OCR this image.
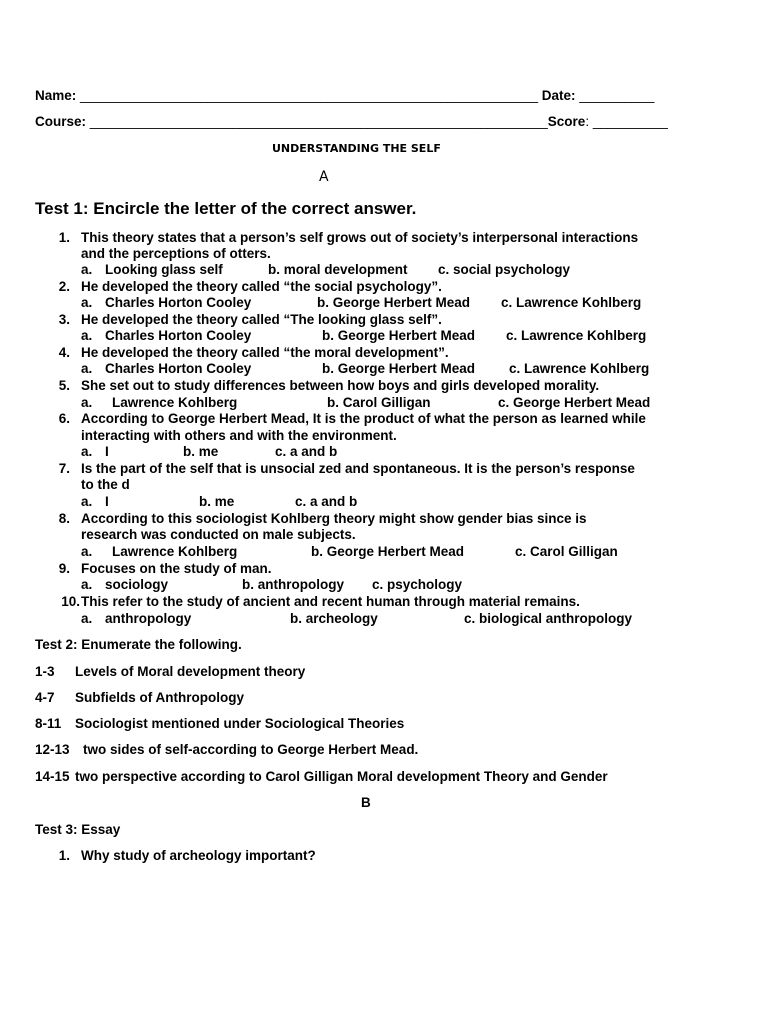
Name: _____________________________________________________________ Date: __________
Course: _____________________________________________________________Score: __________
UNDERSTANDING THE SELF
A
Test 1: Encircle the letter of the correct answer.
1. This theory states that a person’s self grows out of society’s interpersonal interactions
and the perceptions of otters.
a. Looking glass self	b. moral development c. social psychology
2. He developed the theory called “the social psychology”.
a. Charles Horton Cooley	b. George Herbert Mead c. Lawrence Kohlberg
3. He developed the theory called “The looking glass self”.
a. Charles Horton Cooley	b. George Herbert Mead c. Lawrence Kohlberg
4. He developed the theory called “the moral development”.
a. Charles Horton Cooley	b. George Herbert Mead	c. Lawrence Kohlberg
5. She set out to study differences between how boys and girls developed morality.
a. Lawrence Kohlberg	b. Carol Gilligan	c. George Herbert Mead
6. According to George Herbert Mead, It is the product of what the person as learned while
interacting with others and with the environment.
a. I	b. me	c. a and b
7. Is the part of the self that is unsocial zed and spontaneous. It is the person’s response
to the d
a. I	b. me	c. a and b
8. According to this sociologist Kohlberg theory might show gender bias since is
research was conducted on male subjects.
a. Lawrence Kohlberg	b. George Herbert Mead	c. Carol Gilligan
9. Focuses on the study of man.
a. sociology	b. anthropology c. psychology
10. This refer to the study of ancient and recent human through material remains.
a. anthropology	b. archeology	c. biological anthropology
Test 2: Enumerate the following.
1-3 Levels of Moral development theory
4-7 Subfields of Anthropology
8-11 Sociologist mentioned under Sociological Theories
12-13 two sides of self-according to George Herbert Mead.
14-15 two perspective according to Carol Gilligan Moral development Theory and Gender
B
Test 3: Essay
1. Why study of archeology important?
